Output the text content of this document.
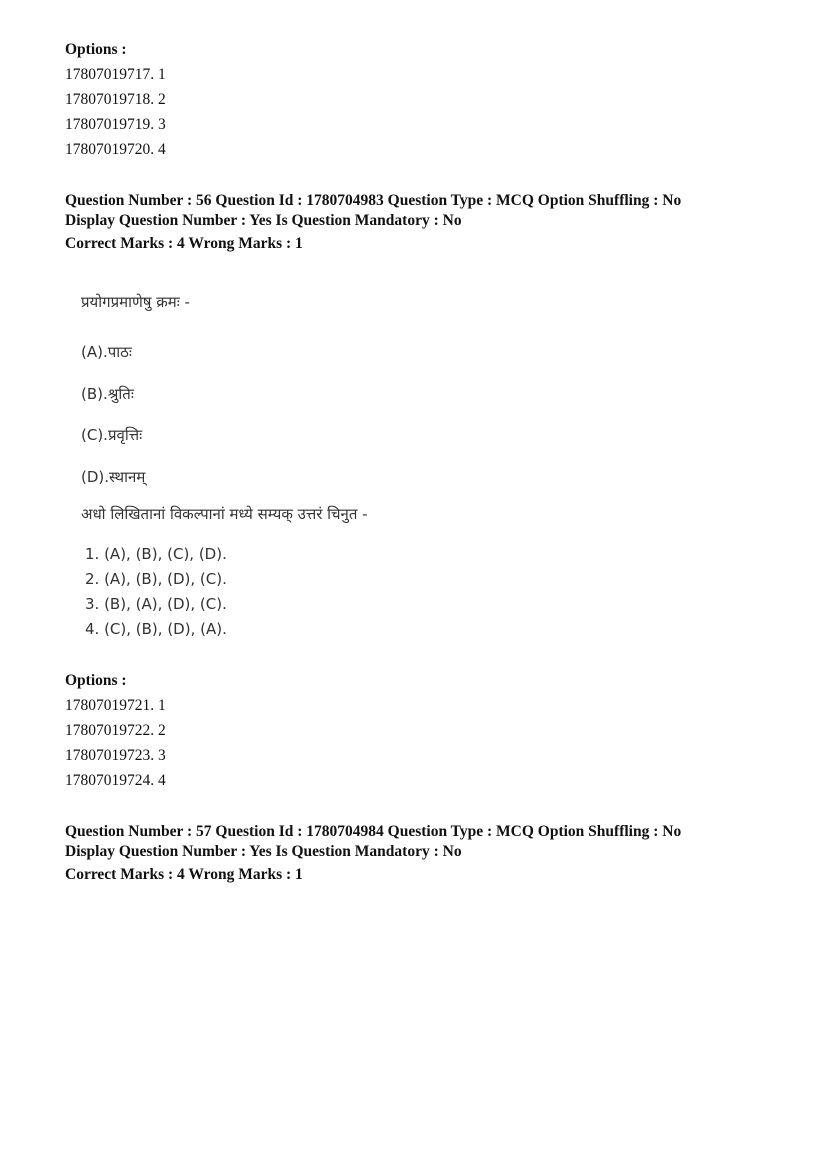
Options :
17807019717. 1
17807019718. 2
17807019719. 3
17807019720. 4
Question Number : 56 Question Id : 1780704983 Question Type : MCQ Option Shuffling : No
Display Question Number : Yes Is Question Mandatory : No
Correct Marks : 4 Wrong Marks : 1
प्रयोगप्रमाणेषु क्रमः -
(A).पाठः
(B).श्रुतिः
(C).प्रवृत्तिः
(D).स्थानम्
अधो लिखितानां विकल्पानां मध्ये सम्यक् उत्तरं चिनुत -
1. (A), (B), (C), (D).
2. (A), (B), (D), (C).
3. (B), (A), (D), (C).
4. (C), (B), (D), (A).
Options :
17807019721. 1
17807019722. 2
17807019723. 3
17807019724. 4
Question Number : 57 Question Id : 1780704984 Question Type : MCQ Option Shuffling : No
Display Question Number : Yes Is Question Mandatory : No
Correct Marks : 4 Wrong Marks : 1
